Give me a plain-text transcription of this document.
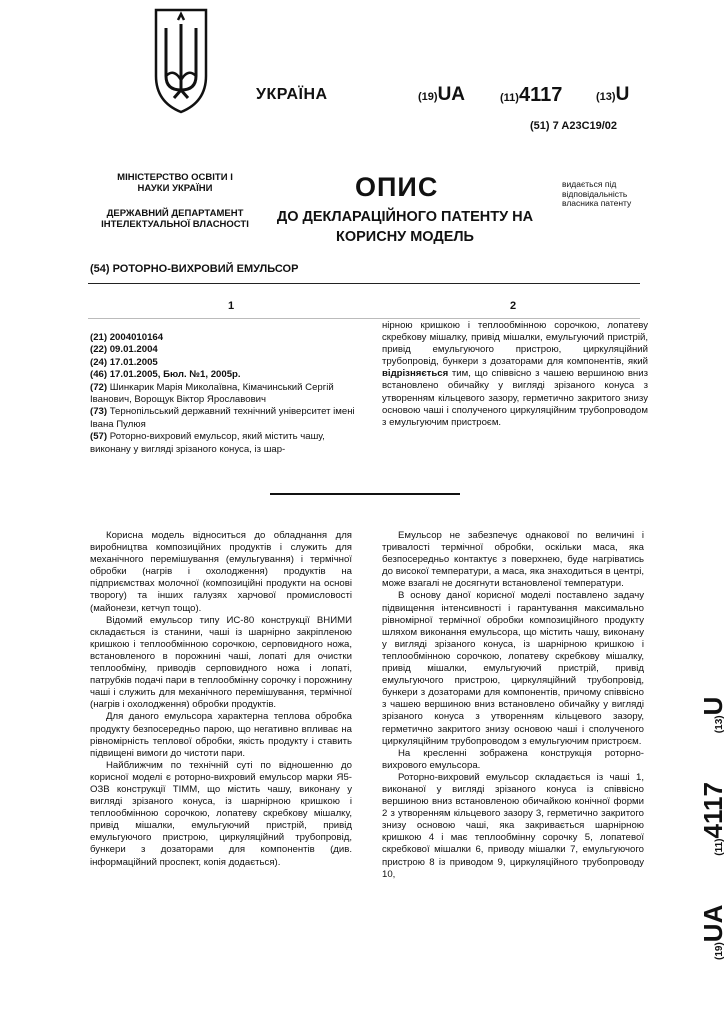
МІНІСТЕРСТВО ОСВІТИ І НАУКИ УКРАЇНИ
ДЕРЖАВНИЙ ДЕПАРТАМЕНТ ІНТЕЛЕКТУАЛЬНОЇ ВЛАСНОСТІ
УКРАЇНА	(19)UA	(11)4117	(13)U
(51) 7 A23C19/02
ОПИС
ДО ДЕКЛАРАЦІЙНОГО ПАТЕНТУ НА КОРИСНУ МОДЕЛЬ
видається під відповідальність власника патенту
(54) РОТОРНО-ВИХРОВИЙ ЕМУЛЬСОР
1	2
(21) 2004010164
(22) 09.01.2004
(24) 17.01.2005
(46) 17.01.2005, Бюл. №1, 2005р.
(72) Шинкарик Марія Миколаївна, Кімачинський Сергій Іванович, Ворощук Віктор Ярославович
(73) Тернопільський державний технічний університет імені Івана Пулюя
(57) Роторно-вихровий емульсор, який містить чашу, виконану у вигляді зрізаного конуса, із шар-
нірною кришкою і теплообмінною сорочкою, лопатеву скребкову мішалку, привід мішалки, емульгуючий пристрій, привід емульгуючого пристрою, циркуляційний трубопровід, бункери з дозаторами для компонентів, який відрізняється тим, що співвісно з чашею вершиною вниз встановлено обичайку у вигляді зрізаного конуса з утворенням кільцевого зазору, герметично закритого знизу основою чаші і сполученого циркуляційним трубопроводом з емульгуючим пристроєм.

Корисна модель відноситься до обладнання для виробництва композиційних продуктів і служить для механічного перемішування (емульгування) і термічної обробки (нагрів і охолодження) продуктів на підприємствах молочної (композиційні продукти на основі творогу) та інших галузях харчової промисловості (майонези, кетчуп тощо).

Відомий емульсор типу ИС-80 конструкції ВНИМИ складається із станини, чаші із шарнірно закріпленою кришкою і теплообмінною сорочкою, серповидного ножа, встановленого в порожнині чаші, лопаті для очистки теплообміну, приводів серповидного ножа і лопаті, патрубків подачі пари в теплообмінну сорочку і порожнину чаші і служить для механічного перемішування, термічної (нагрів і охолодження) обробки продуктів.

Для даного емульсора характерна теплова обробка продукту безпосередньо парою, що негативно впливає на рівномірність теплової обробки, якість продукту і ставить підвищені вимоги до чистоти пари.

Найближчим по технічній суті по відношенню до корисної моделі є роторно-вихровий емульсор марки Я5-ОЗВ конструкції ТІММ, що містить чашу, виконану у вигляді зрізаного конуса, із шарнірною кришкою і теплообмінною сорочкою, лопатеву скребкову мішалку, привід мішалки, емульгуючий пристрій, привід емульгуючого пристрою, циркуляційний трубопровід, бункери з дозаторами для компонентів (див. інформаційний проспект, копія додається).

Емульсор не забезпечує однакової по величині і тривалості термічної обробки, оскільки маса, яка безпосередньо контактує з поверхнею, буде нагріватись до високої температури, а маса, яка знаходиться в центрі, може взагалі не досягнути встановленої температури.

В основу даної корисної моделі поставлено задачу підвищення інтенсивності і гарантування максимально рівномірної термічної обробки композиційного продукту шляхом виконання емульсора, що містить чашу, виконану у вигляді зрізаного конуса, із шарнірною кришкою і теплообмінною сорочкою, лопатеву скребкову мішалку, привід мішалки, емульгуючий пристрій, привід емульгуючого пристрою, циркуляційний трубопровід, бункери з дозаторами для компонентів, причому співвісно з чашею вершиною вниз встановлено обичайку у вигляді зрізаного конуса з утворенням кільцевого зазору, герметично закритого знизу основою чаші і сполученого циркуляційним трубопроводом з емульгуючим пристроєм.

На кресленні зображена конструкція роторно-вихрового емульсора.

Роторно-вихровий емульсор складається із чаші 1, виконаної у вигляді зрізаного конуса із співвісно вершиною вниз встановленою обичайкою конічної форми 2 з утворенням кільцевого зазору 3, герметично закритого знизу основою чаші, яка закривається шарнірною кришкою 4 і має теплообмінну сорочку 5, лопатевої скребкової мішалки 6, приводу мішалки 7, емульгуючого пристрою 8 із приводом 9, циркуляційного трубопроводу 10,

(19)UA  (11)4117  (13)U
